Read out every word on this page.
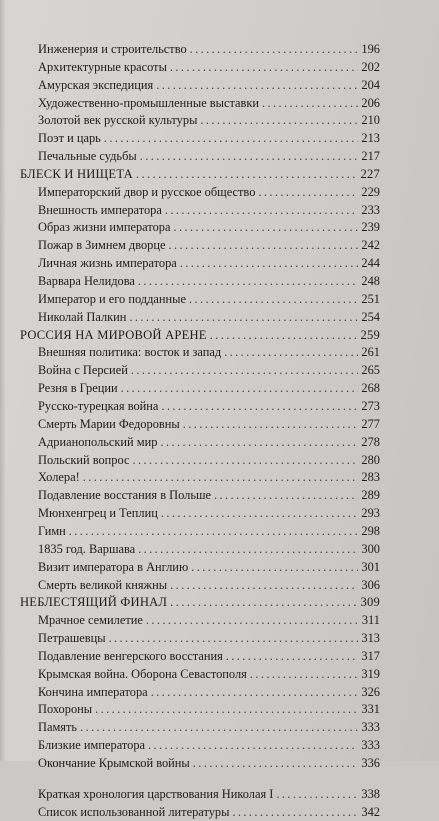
Инженерия и строительство .....	196
Архитектурные красоты .....	202
Амурская экспедиция .....	204
Художественно-промышленные выставки .....	206
Золотой век русской культуры .....	210
Поэт и царь .....	213
Печальные судьбы .....	217
БЛЕСК И НИЩЕТА .....	227
Императорский двор и русское общество .....	229
Внешность императора .....	233
Образ жизни императора .....	239
Пожар в Зимнем дворце .....	242
Личная жизнь императора .....	244
Варвара Нелидова .....	248
Император и его подданные .....	251
Николай Палкин .....	254
РОССИЯ НА МИРОВОЙ АРЕНЕ .....	259
Внешняя политика: восток и запад .....	261
Война с Персией .....	265
Резня в Греции .....	268
Русско-турецкая война .....	273
Смерть Марии Федоровны .....	277
Адрианопольский мир .....	278
Польский вопрос .....	280
Холера! .....	283
Подавление восстания в Польше .....	289
Мюнхенгрец и Теплиц .....	293
Гимн .....	298
1835 год. Варшава .....	300
Визит императора в Англию .....	301
Смерть великой княжны .....	306
НЕБЛЕСТЯЩИЙ ФИНАЛ .....	309
Мрачное семилетие .....	311
Петрашевцы .....	313
Подавление венгерского восстания .....	317
Крымская война. Оборона Севастополя .....	319
Кончина императора .....	326
Похороны .....	331
Память .....	333
Близкие императора .....	333
Окончание Крымской войны .....	336
Краткая хронология царствования Николая I .....	338
Список использованной литературы .....	342
